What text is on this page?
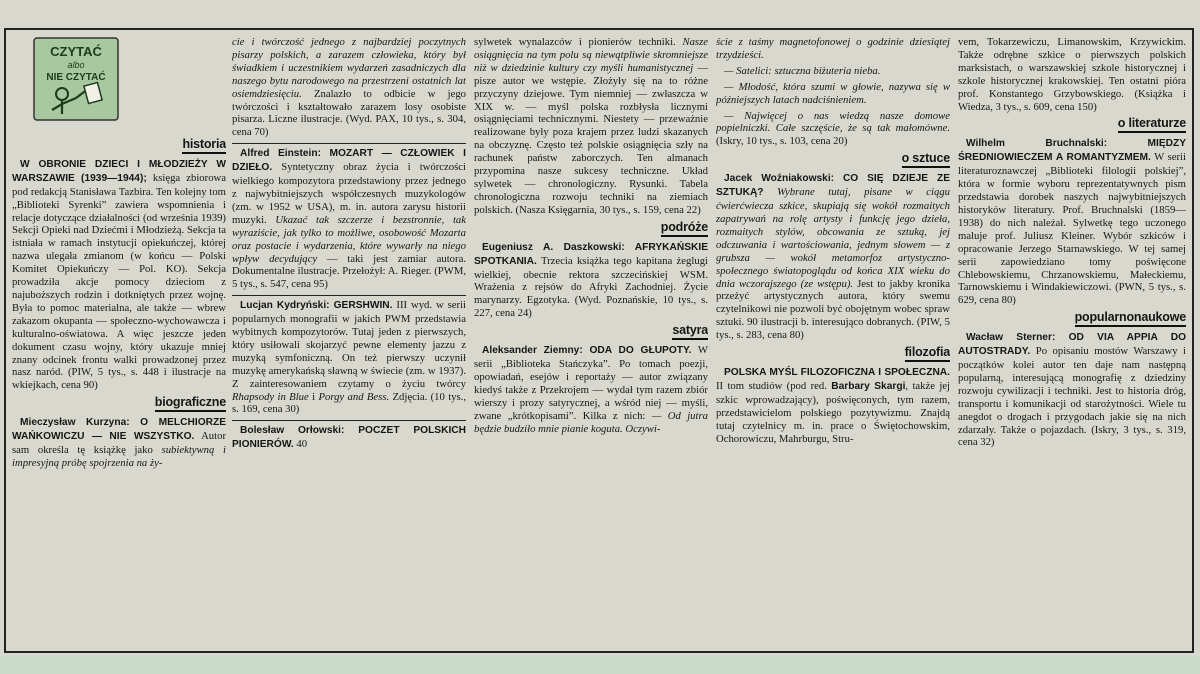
CZYTAĆ
albo
NIE CZYTAĆ
historia

W OBRONIE DZIECI I MŁODZIEŻY W WARSZAWIE (1939—1944); księga zbiorowa pod redakcją Stanisława Tazbira. Ten kolejny tom „Biblioteki Syrenki” zawiera wspomnienia i relacje dotyczące działalności (od września 1939) Sekcji Opieki nad Dziećmi i Młodzieżą. Sekcja ta istniała w ramach instytucji opiekuńczej, której nazwa ulegała zmianom (w końcu — Polski Komitet Opiekuńczy — Pol. KO). Sekcja prowadziła akcje pomocy dzieciom z najuboższych rodzin i dotkniętych przez wojnę. Była to pomoc materialna, ale także — wbrew zakazom okupanta — społeczno-wychowawcza i kulturalno-oświatowa. A więc jeszcze jeden dokument czasu wojny, który ukazuje mniej znany odcinek frontu walki prowadzonej przez nasz naród. (PIW, 5 tys., s. 448 i ilustracje na wkiejkach, cena 90)

biograficzne

Mieczysław Kurzyna: O MELCHIORZE WAŃKOWICZU — NIE WSZYSTKO. Autor sam określa tę książkę jako subiektywną i impresyjną próbę spojrzenia na ży-

cie i twórczość jednego z najbardziej poczytnych pisarzy polskich, a zarazem człowieka, który był świadkiem i uczestnikiem wydarzeń zasadniczych dla naszego bytu narodowego na przestrzeni ostatnich lat osiemdziesięciu. Znalazło to odbicie w jego twórczości i kształtowało zarazem losy osobiste pisarza. Liczne ilustracje. (Wyd. PAX, 10 tys., s. 304, cena 70)

Alfred Einstein: MOZART — CZŁOWIEK I DZIEŁO. Syntetyczny obraz życia i twórczości wielkiego kompozytora przedstawiony przez jednego z najwybitniejszych współczesnych muzykologów (zm. w 1952 w USA), m. in. autora zarysu historii muzyki. Ukazać tak szczerze i bezstronnie, tak wyraziście, jak tylko to możliwe, osobowość Mozarta oraz postacie i wydarzenia, które wywarły na niego wpływ decydujący — taki jest zamiar autora. Dokumentalne ilustracje. Przełożył: A. Rieger. (PWM, 5 tys., s. 547, cena 95)

Lucjan Kydryński: GERSHWIN. III wyd. w serii popularnych monografii w jakich PWM przedstawia wybitnych kompozytorów. Tutaj jeden z pierwszych, który usiłowali skojarzyć pewne elementy jazzu z muzyką symfoniczną. On też pierwszy uczynił muzykę amerykańską sławną w świecie (zm. w 1937). Z zainteresowaniem czytamy o życiu twórcy Rhapsody in Blue i Porgy and Bess. Zdjęcia. (10 tys., s. 169, cena 30)

Bolesław Orłowski: POCZET POLSKICH PIONIERÓW. 40

sylwetek wynalazców i pionierów techniki. Nasze osiągnięcia na tym polu są niewątpliwie skromniejsze niż w dziedzinie kultury czy myśli humanistycznej — pisze autor we wstępie. Złożyły się na to różne przyczyny dziejowe. Tym niemniej — zwłaszcza w XIX w. — myśl polska rozbłysła licznymi osiągnięciami technicznymi. Niestety — przeważnie realizowane były poza krajem przez ludzi skazanych na obczyznę. Często też polskie osiągnięcia szły na rachunek państw zaborczych. Ten almanach przypomina nasze sukcesy techniczne. Układ sylwetek — chronologiczny. Rysunki. Tabela chronologiczna rozwoju techniki na ziemiach polskich. (Nasza Księgarnia, 30 tys., s. 159, cena 22)

podróże

Eugeniusz A. Daszkowski: AFRYKAŃSKIE SPOTKANIA. Trzecia książka tego kapitana żeglugi wielkiej, obecnie rektora szczecińskiej WSM. Wrażenia z rejsów do Afryki Zachodniej. Życie marynarzy. Egzotyka. (Wyd. Poznańskie, 10 tys., s. 227, cena 24)

satyra

Aleksander Ziemny: ODA DO GŁUPOTY. W serii „Biblioteka Stańczyka”. Po tomach poezji, opowiadań, esejów i reportaży — autor związany kiedyś także z Przekrojem — wydał tym razem zbiór wierszy i prozy satyrycznej, a wśród niej — myśli, zwane „krótkopisami”. Kilka z nich: — Od jutra będzie budziło mnie pianie koguta. Oczywi-

ście z taśmy magnetofonowej o godzinie dziesiątej trzydzieści.

— Satelici: sztuczna biżuteria nieba.

— Młodość, która szumi w głowie, nazywa się w późniejszych latach nadciśnieniem.

— Najwięcej o nas wiedzą nasze domowe popielniczki. Całe szczęście, że są tak małomówne. (Iskry, 10 tys., s. 103, cena 20)

o sztuce

Jacek Woźniakowski: CO SIĘ DZIEJE ZE SZTUKĄ? Wybrane tutaj, pisane w ciągu ćwierćwiecza szkice, skupiają się wokół rozmaitych zapatrywań na rolę artysty i funkcję jego dzieła, rozmaitych stylów, obcowania ze sztuką, jej odczuwania i wartościowania, jednym słowem — z grubsza — wokół metamorfoz artystyczno-społecznego światopoglądu od końca XIX wieku do dnia wczorajszego (ze wstępu). Jest to jakby kronika przeżyć artystycznych autora, który swemu czytelnikowi nie pozwoli być obojętnym wobec spraw sztuki. 90 ilustracji b. interesująco dobranych. (PIW, 5 tys., s. 283, cena 80)

filozofia

POLSKA MYŚL FILOZOFICZNA I SPOŁECZNA. II tom studiów (pod red. Barbary Skargi, także jej szkic wprowadzający), poświęconych, tym razem, przedstawicielom polskiego pozytywizmu. Znajdą tutaj czytelnicy m. in. prace o Świętochowskim, Ochorowiczu, Mahrburgu, Stru-

vem, Tokarzewiczu, Limanowskim, Krzywickim. Także odrębne szkice o pierwszych polskich marksistach, o warszawskiej szkole historycznej i szkole historycznej krakowskiej. Ten ostatni pióra prof. Konstantego Grzybowskiego. (Książka i Wiedza, 3 tys., s. 609, cena 150)

o literaturze

Wilhelm Bruchnalski: MIĘDZY ŚREDNIOWIECZEM A ROMANTYZMEM. W serii literaturoznawczej „Biblioteki filologii polskiej”, która w formie wyboru reprezentatywnych pism przedstawia dorobek naszych najwybitniejszych historyków literatury. Prof. Bruchnalski (1859—1938) do nich należał. Sylwetkę tego uczonego maluje prof. Juliusz Kleiner. Wybór szkiców i opracowanie Jerzego Starnawskiego. W tej samej serii zapowiedziano tomy poświęcone Chlebowskiemu, Chrzanowskiemu, Małeckiemu, Tarnowskiemu i Windakiewiczowi. (PWN, 5 tys., s. 629, cena 80)

popularnonaukowe

Wacław Sterner: OD VIA APPIA DO AUTOSTRADY. Po opisaniu mostów Warszawy i początków kolei autor ten daje nam następną popularną, interesującą monografię z dziedziny rozwoju cywilizacji i techniki. Jest to historia dróg, transportu i komunikacji od starożytności. Wiele tu anegdot o drogach i przygodach jakie się na nich zdarzały. Także o pojazdach. (Iskry, 3 tys., s. 319, cena 32)
